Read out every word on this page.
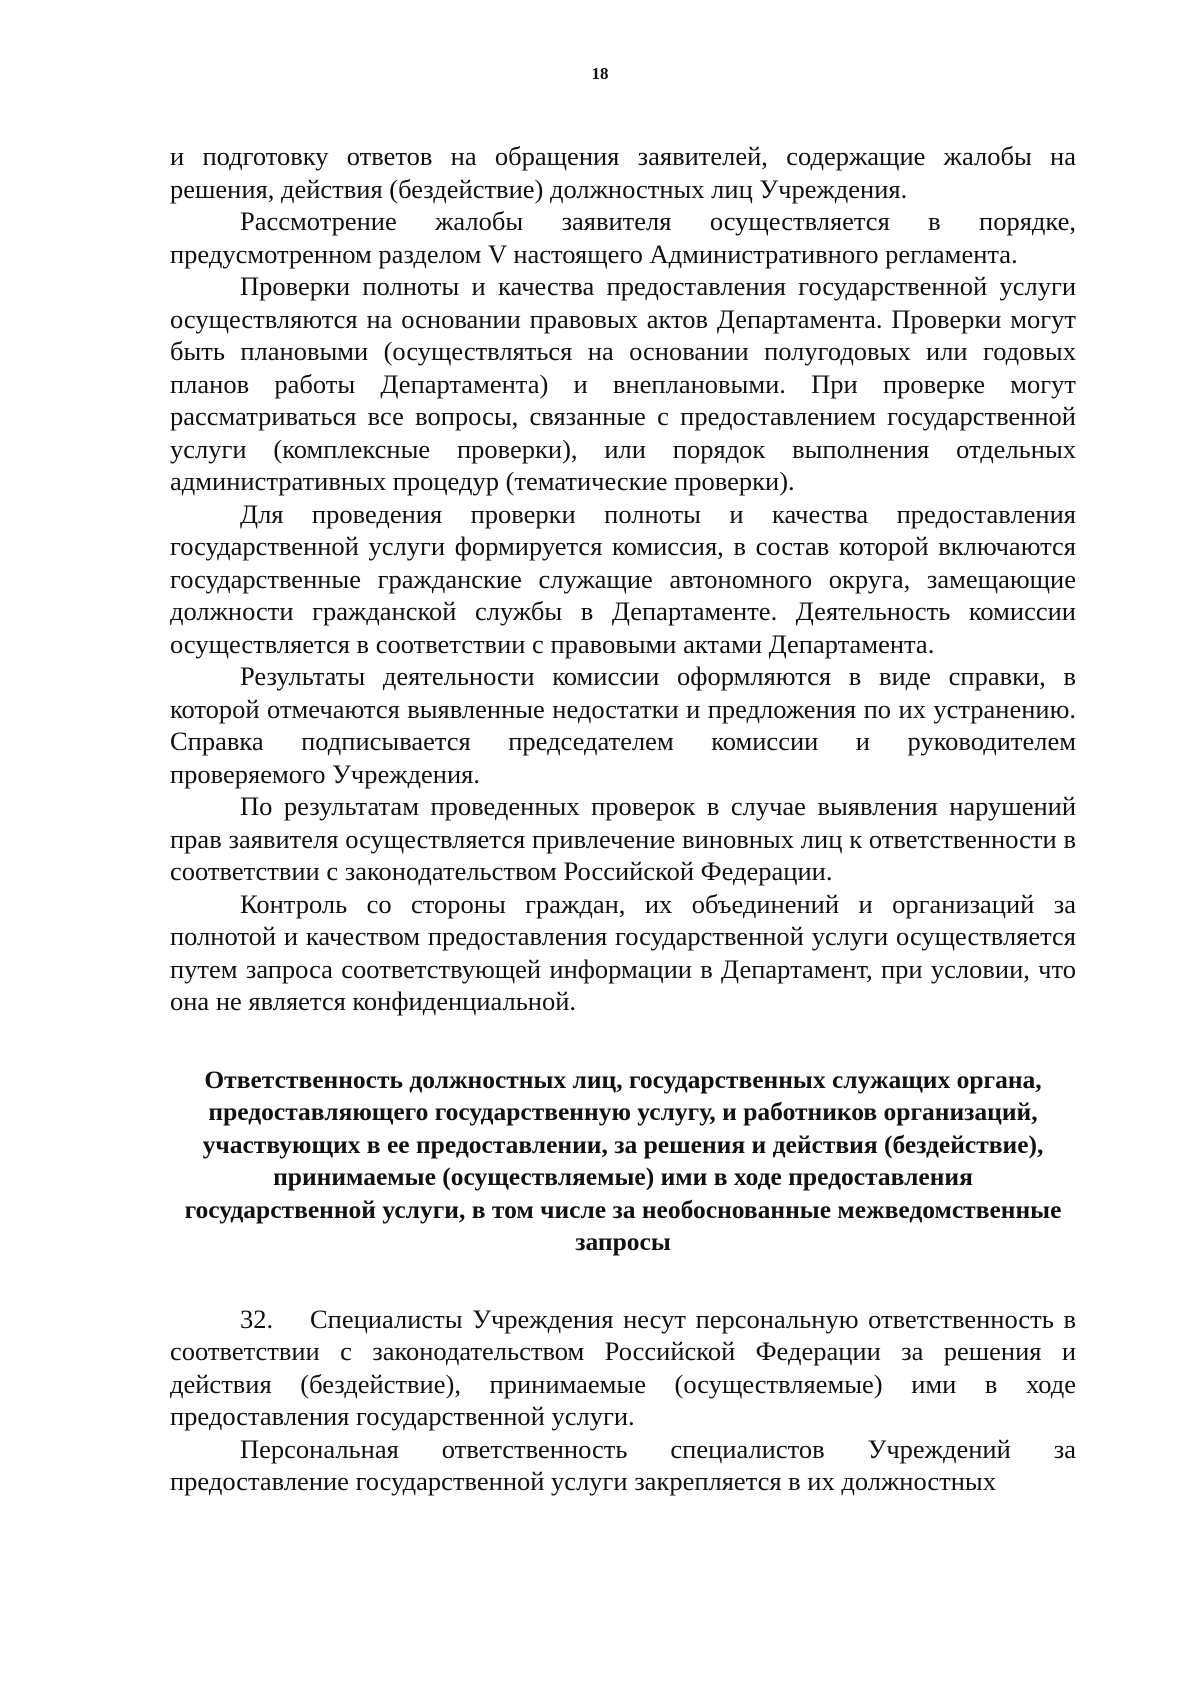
18

и подготовку ответов на обращения заявителей, содержащие жалобы на решения, действия (бездействие) должностных лиц Учреждения.

Рассмотрение жалобы заявителя осуществляется в порядке, предусмотренном разделом V настоящего Административного регламента.

Проверки полноты и качества предоставления государственной услуги осуществляются на основании правовых актов Департамента. Проверки могут быть плановыми (осуществляться на основании полугодовых или годовых планов работы Департамента) и внеплановыми. При проверке могут рассматриваться все вопросы, связанные с предоставлением государственной услуги (комплексные проверки), или порядок выполнения отдельных административных процедур (тематические проверки).

Для проведения проверки полноты и качества предоставления государственной услуги формируется комиссия, в состав которой включаются государственные гражданские служащие автономного округа, замещающие должности гражданской службы в Департаменте. Деятельность комиссии осуществляется в соответствии с правовыми актами Департамента.

Результаты деятельности комиссии оформляются в виде справки, в которой отмечаются выявленные недостатки и предложения по их устранению. Справка подписывается председателем комиссии и руководителем проверяемого Учреждения.

По результатам проведенных проверок в случае выявления нарушений прав заявителя осуществляется привлечение виновных лиц к ответственности в соответствии с законодательством Российской Федерации.

Контроль со стороны граждан, их объединений и организаций за полнотой и качеством предоставления государственной услуги осуществляется путем запроса соответствующей информации в Департамент, при условии, что она не является конфиденциальной.

Ответственность должностных лиц, государственных служащих органа, предоставляющего государственную услугу, и работников организаций, участвующих в ее предоставлении, за решения и действия (бездействие), принимаемые (осуществляемые) ими в ходе предоставления государственной услуги, в том числе за необоснованные межведомственные запросы

32. Специалисты Учреждения несут персональную ответственность в соответствии с законодательством Российской Федерации за решения и действия (бездействие), принимаемые (осуществляемые) ими в ходе предоставления государственной услуги.

Персональная ответственность специалистов Учреждений за предоставление государственной услуги закрепляется в их должностных
